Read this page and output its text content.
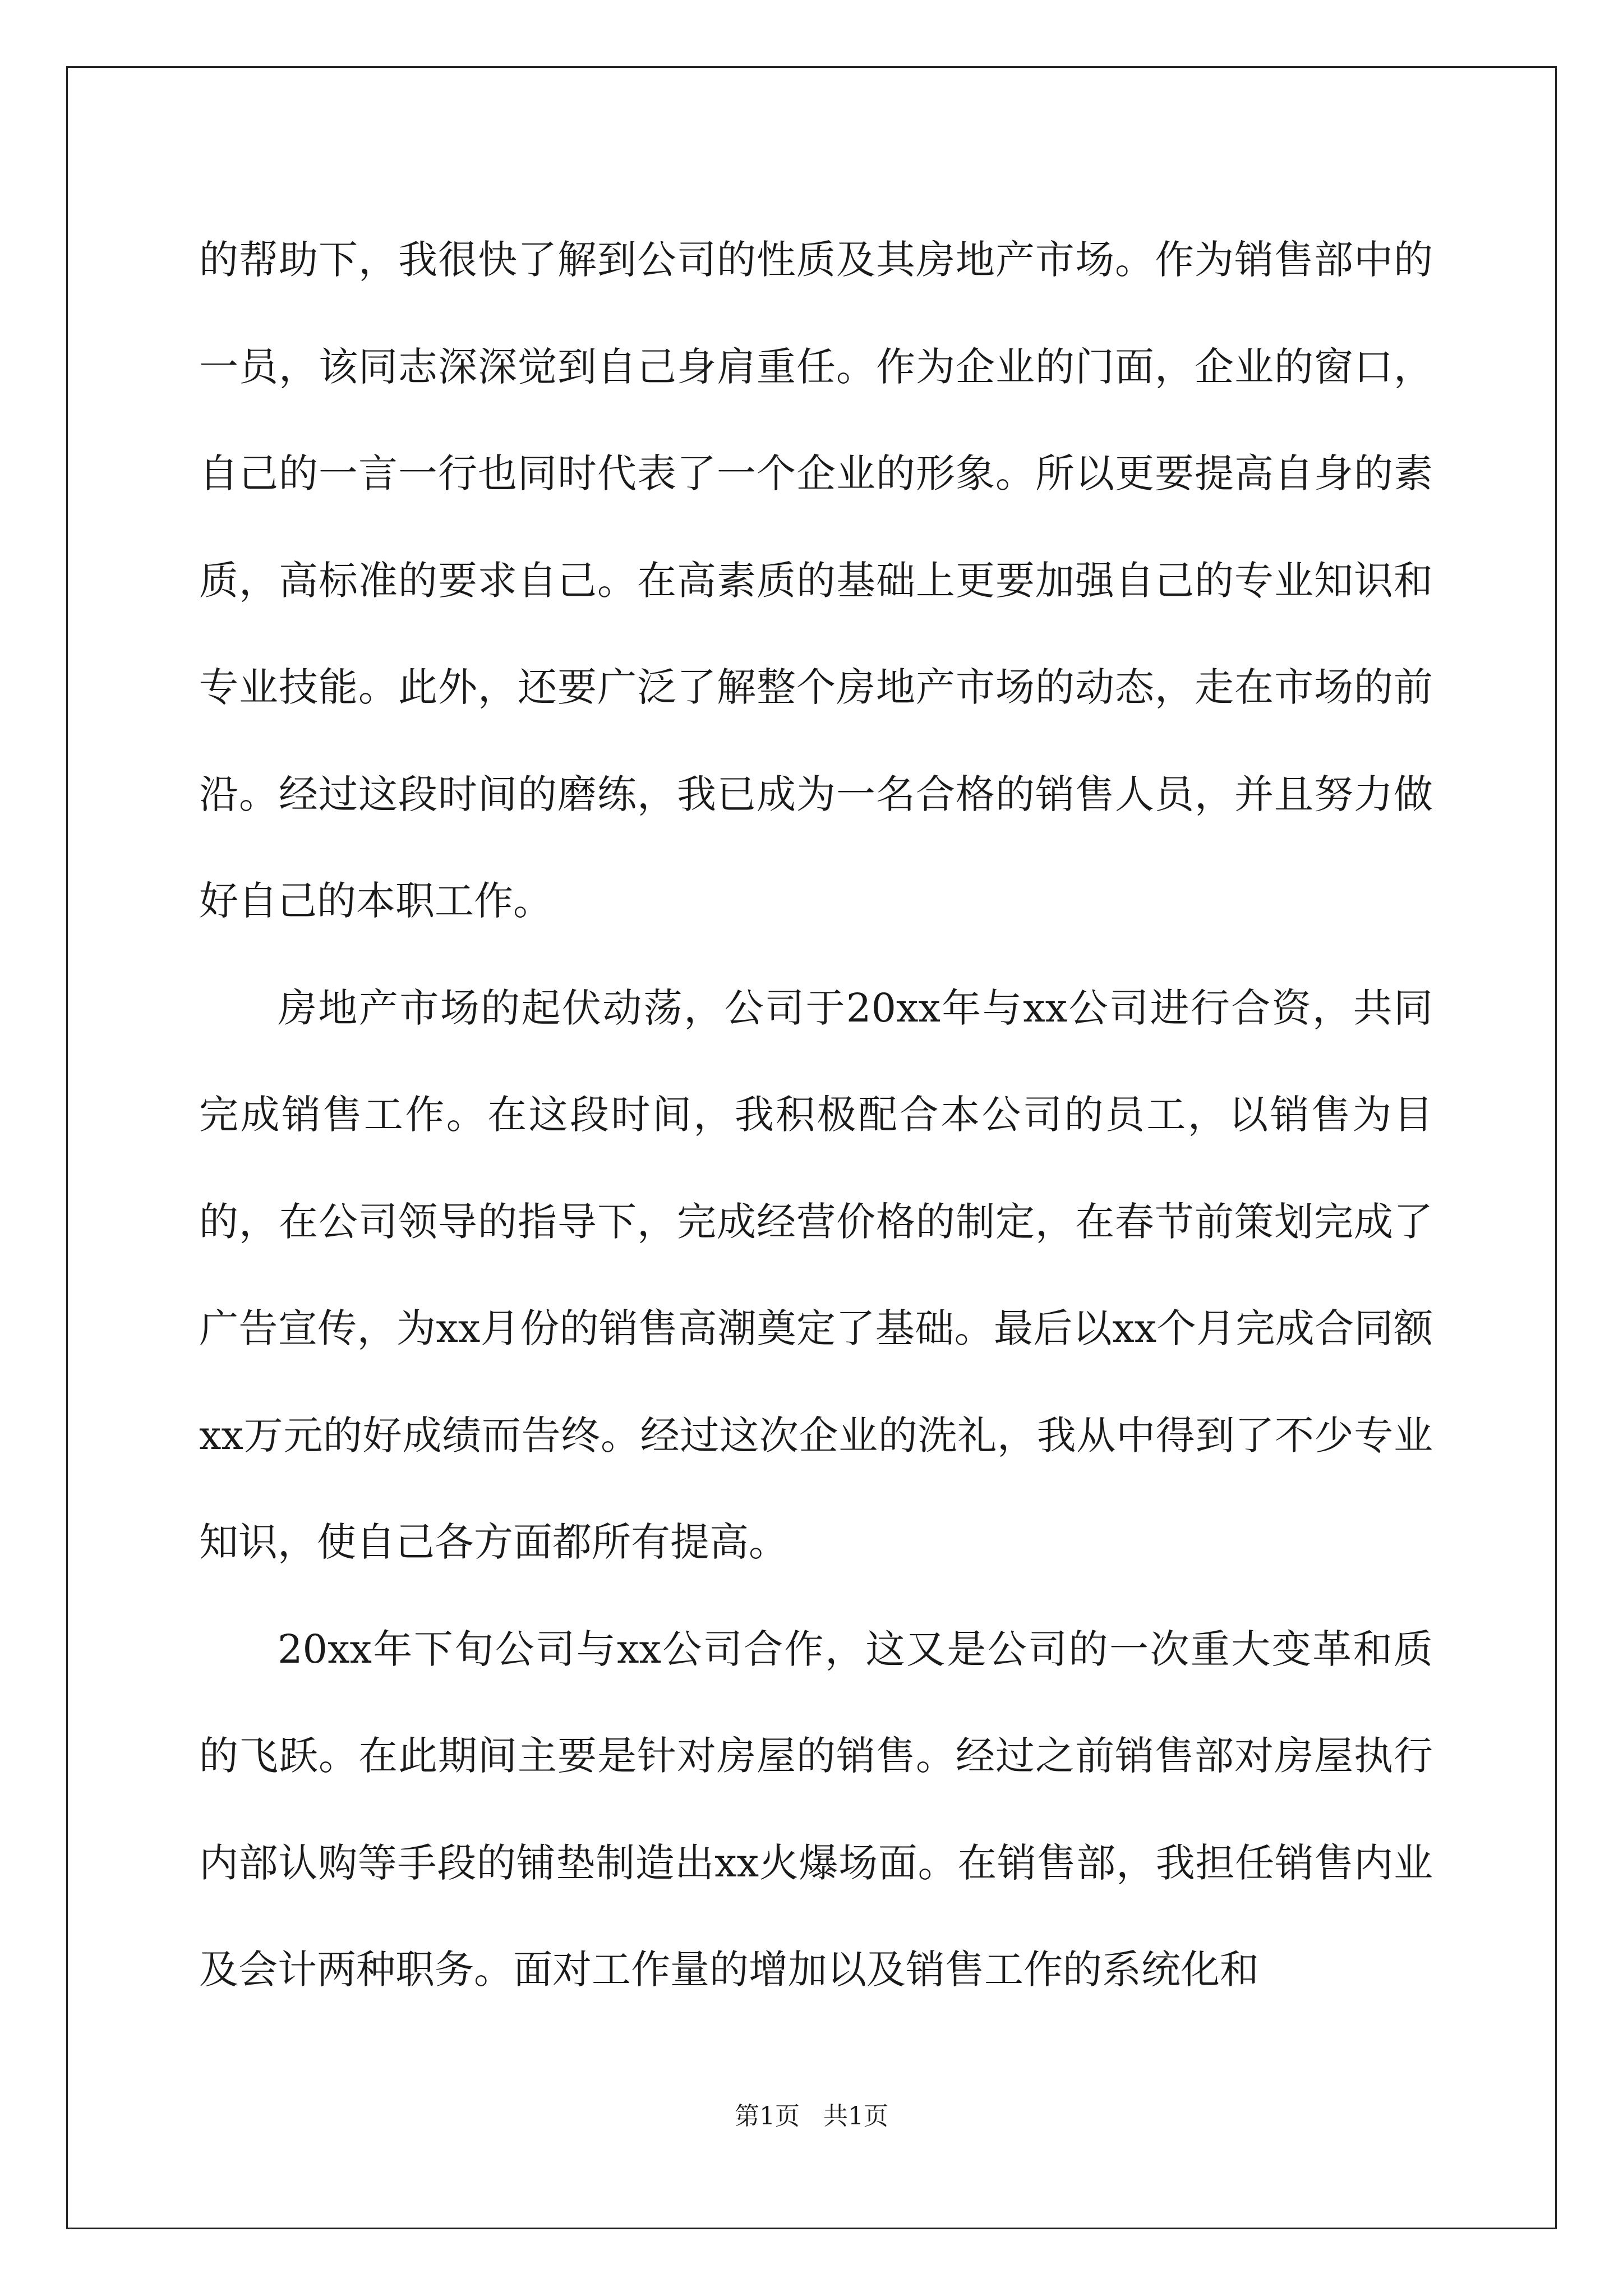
的帮助下，我很快了解到公司的性质及其房地产市场。作为销售部中的一员，该同志深深觉到自己身肩重任。作为企业的门面，企业的窗口，自己的一言一行也同时代表了一个企业的形象。所以更要提高自身的素质，高标准的要求自己。在高素质的基础上更要加强自己的专业知识和专业技能。此外，还要广泛了解整个房地产市场的动态，走在市场的前沿。经过这段时间的磨练，我已成为一名合格的销售人员，并且努力做好自己的本职工作。

房地产市场的起伏动荡，公司于20xx年与xx公司进行合资，共同完成销售工作。在这段时间，我积极配合本公司的员工，以销售为目的，在公司领导的指导下，完成经营价格的制定，在春节前策划完成了广告宣传，为xx月份的销售高潮奠定了基础。最后以xx个月完成合同额xx万元的好成绩而告终。经过这次企业的洗礼，我从中得到了不少专业知识，使自己各方面都所有提高。

20xx年下旬公司与xx公司合作，这又是公司的一次重大变革和质的飞跃。在此期间主要是针对房屋的销售。经过之前销售部对房屋执行内部认购等手段的铺垫制造出xx火爆场面。在销售部，我担任销售内业及会计两种职务。面对工作量的增加以及销售工作的系统化和

第1页   共1页
